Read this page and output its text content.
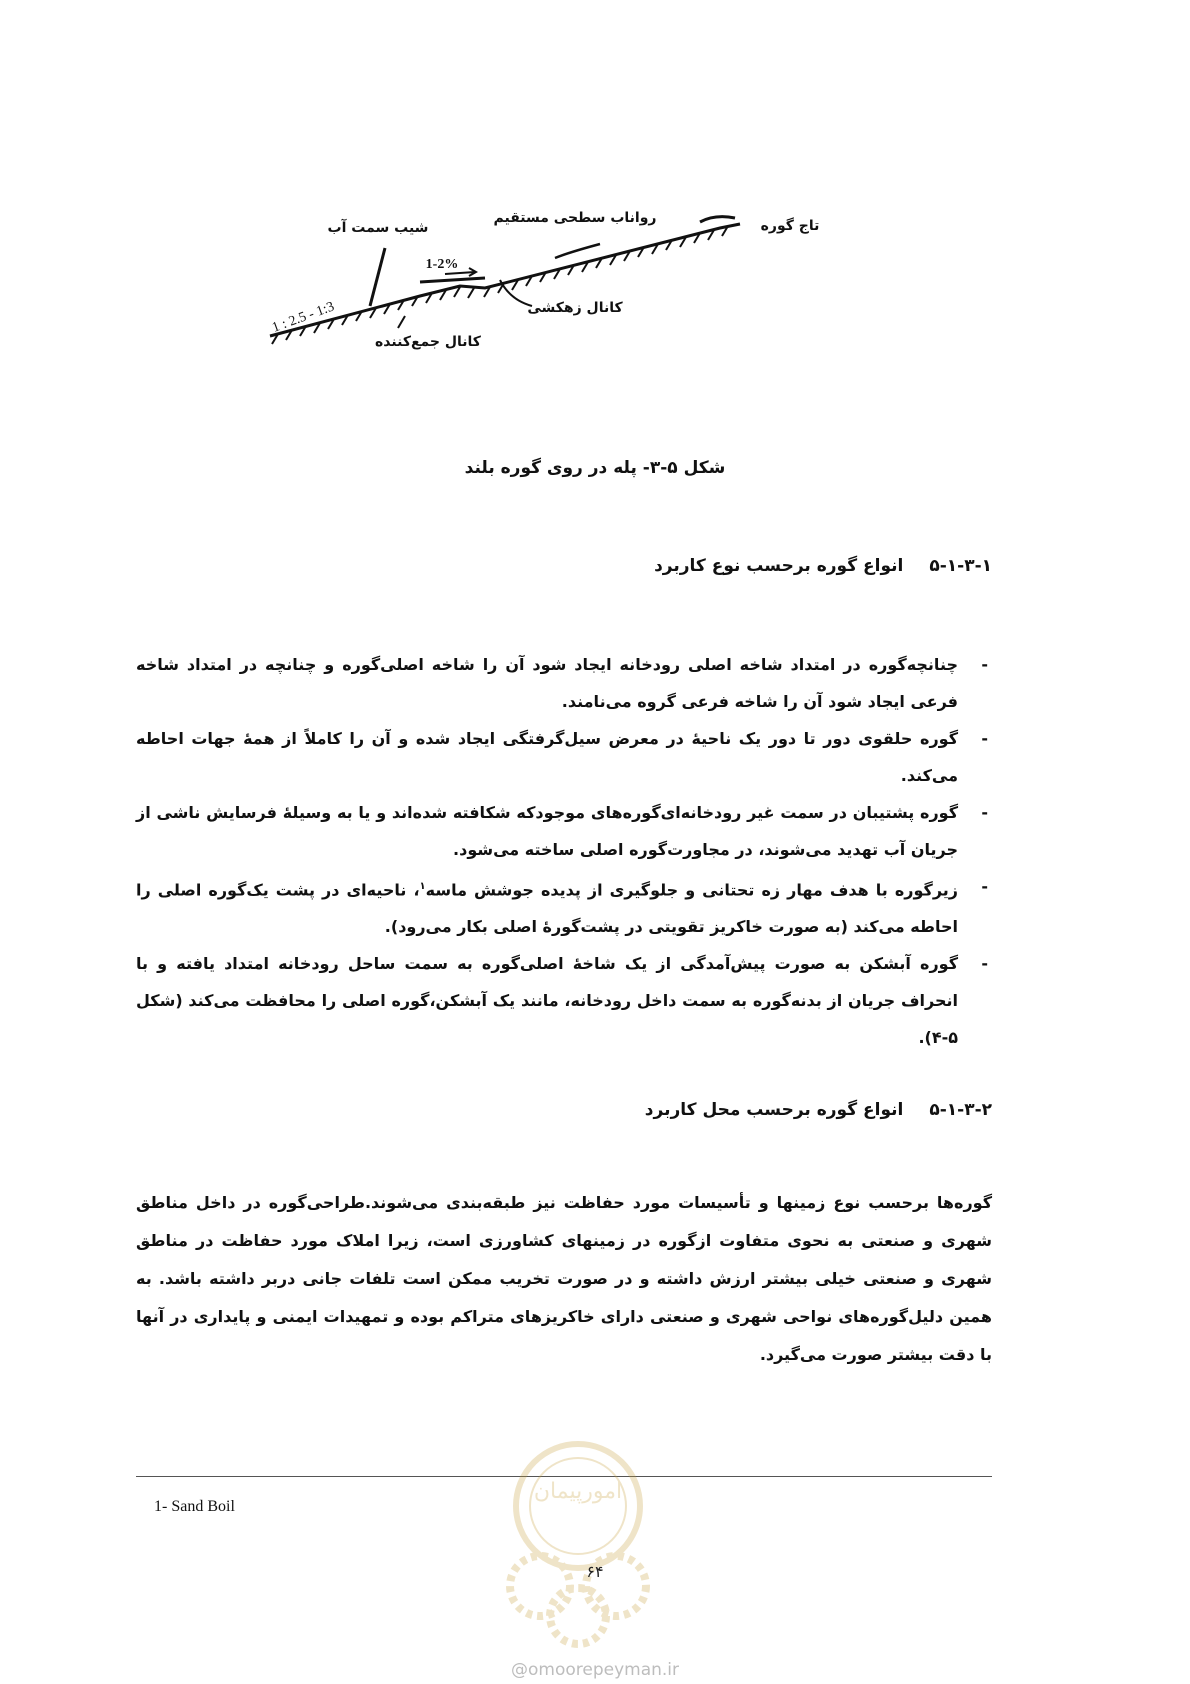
تاج گوره
رواناب سطحی مستقیم
شیب سمت آب
1-2%
1 : 2.5 - 1:3	کانال زهکشی
کانال جمع‌کننده
شکل ۵-۳- پله در روی گوره بلند
۵-۱-۳-۱انواع گوره برحسب نوع کاربرد
-
چنانچه‌گوره در امتداد شاخه اصلی رودخانه ایجاد شود آن را شاخه اصلی‌گوره و چنانچه در امتداد شاخه فرعی ایجاد شود آن را شاخه فرعی گروه می‌نامند.
-
گوره حلقوی دور تا دور یک ناحیهٔ در معرض سیل‌گرفتگی ایجاد شده و آن را کاملاً از همهٔ جهات احاطه می‌کند.
-
گوره پشتیبان در سمت غیر رودخانه‌ای‌گوره‌های موجودکه شکافته شده‌اند و یا به وسیلهٔ فرسایش ناشی از جریان آب تهدید می‌شوند، در مجاورت‌گوره اصلی ساخته می‌شود.
-
زیرگوره با هدف مهار زه تحتانی و جلوگیری از پدیده جوشش ماسه$^۱$، ناحیه‌ای در پشت یک‌گوره اصلی را احاطه می‌کند (به صورت خاکریز تقویتی در پشت‌گورهٔ اصلی بکار می‌رود).
-
گوره آبشکن به صورت پیش‌آمدگی از یک شاخهٔ اصلی‌گوره به سمت ساحل رودخانه امتداد یافته و با انحراف جریان از بدنه‌گوره به سمت داخل رودخانه، مانند یک آبشکن،‌گوره اصلی را محافظت می‌کند (شکل ۵-۴).
۵-۱-۳-۲انواع گوره برحسب محل کاربرد

گوره‌ها برحسب نوع زمینها و تأسیسات مورد حفاظت نیز طبقه‌بندی می‌شوند.طراحی‌گوره در داخل مناطق شهری و صنعتی به نحوی متفاوت ازگوره در زمینهای کشاورزی است، زیرا املاک مورد حفاظت در مناطق شهری و صنعتی خیلی بیشتر ارزش داشته و در صورت تخریب ممکن است تلفات جانی دربر داشته باشد. به همین دلیل‌گوره‌های نواحی شهری و صنعتی دارای خاکریزهای متراکم بوده و تمهیدات ایمنی و پایداری در آنها با دقت بیشتر صورت می‌گیرد.

1- Sand Boil
امورپیمان
۶۴
@omoorepeyman.ir
